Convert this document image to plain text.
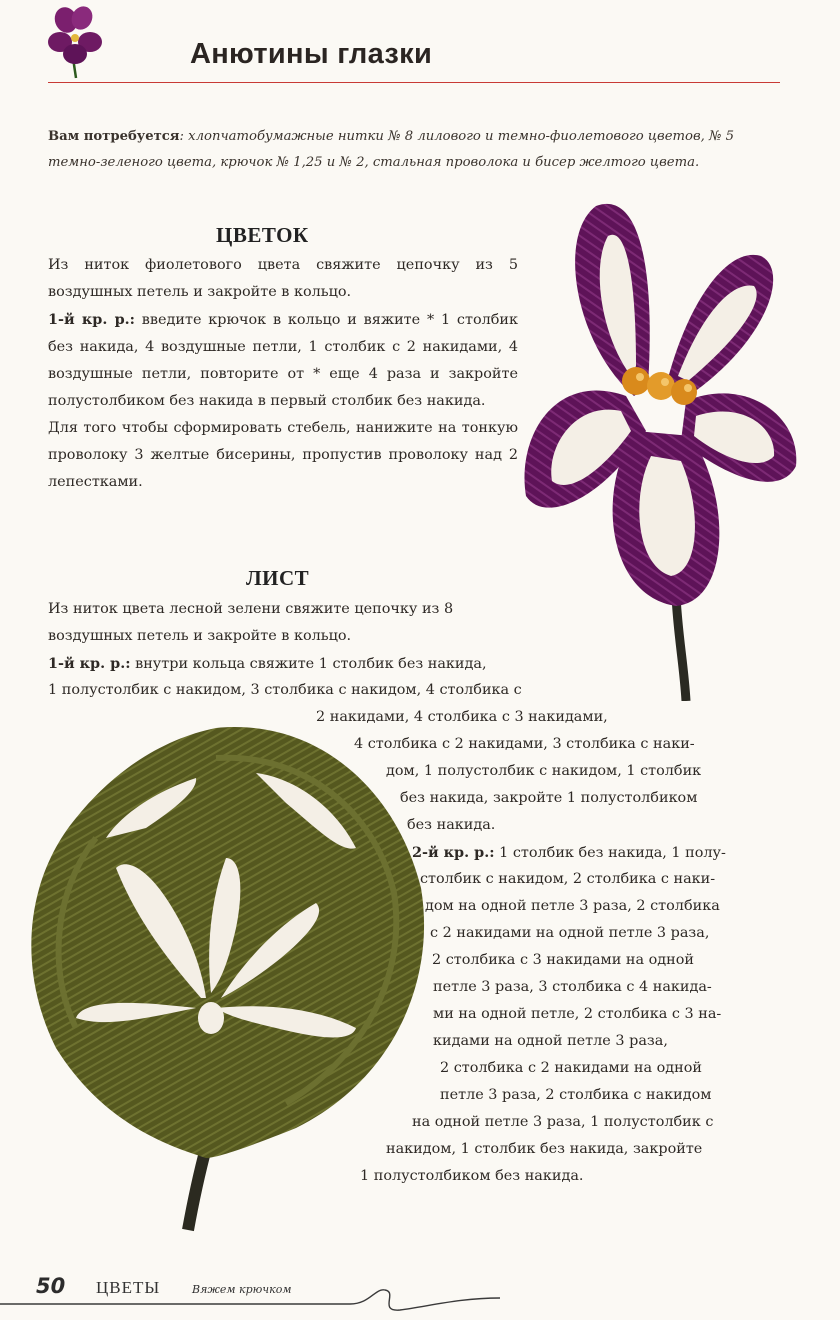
Анютины глазки
Вам потребуется: хлопчатобумажные нитки № 8 лилового и темно-фиолетового цветов, № 5 темно-зеленого цвета, крючок № 1,25 и № 2, стальная проволока и бисер желтого цвета.
ЦВЕТОК

Из ниток фиолетового цвета свяжите цепочку из 5 воздушных петель и закройте в кольцо.

1-й кр. р.: введите крючок в кольцо и вяжите * 1 столбик без накида, 4 воздушные петли, 1 столбик с 2 накидами, 4 воздушные петли, повторите от * еще 4 раза и закройте полустолбиком без накида в первый столбик без накида.

Для того чтобы сформировать стебель, нанижите на тонкую проволоку 3 желтые бисерины, пропустив проволоку над 2 лепестками.

ЛИСТ

Из ниток цвета лесной зелени свяжите цепочку из 8 воздушных петель и закройте в кольцо.

1-й кр. р.: внутри кольца свяжите 1 столбик без накида,
1 полустолбик с накидом, 3 столбика с накидом, 4 столбика с
2 накидами, 4 столбика с 3 накидами,
4 столбика с 2 накидами, 3 столбика с наки-
дом, 1 полустолбик с накидом, 1 столбик
без накида, закройте 1 полустолбиком
без накида.
2-й кр. р.: 1 столбик без накида, 1 полу-
столбик с накидом, 2 столбика с наки-
дом на одной петле 3 раза, 2 столбика
с 2 накидами на одной петле 3 раза,
2 столбика с 3 накидами на одной
петле 3 раза, 3 столбика с 4 накида-
ми на одной петле, 2 столбика с 3 на-
кидами на одной петле 3 раза,
2 столбика с 2 накидами на одной
петле 3 раза, 2 столбика с накидом
на одной петле 3 раза, 1 полустолбик с
накидом, 1 столбик без накида, закройте
1 полустолбиком без накида.
50 ЦВЕТЫ	Вяжем крючком
